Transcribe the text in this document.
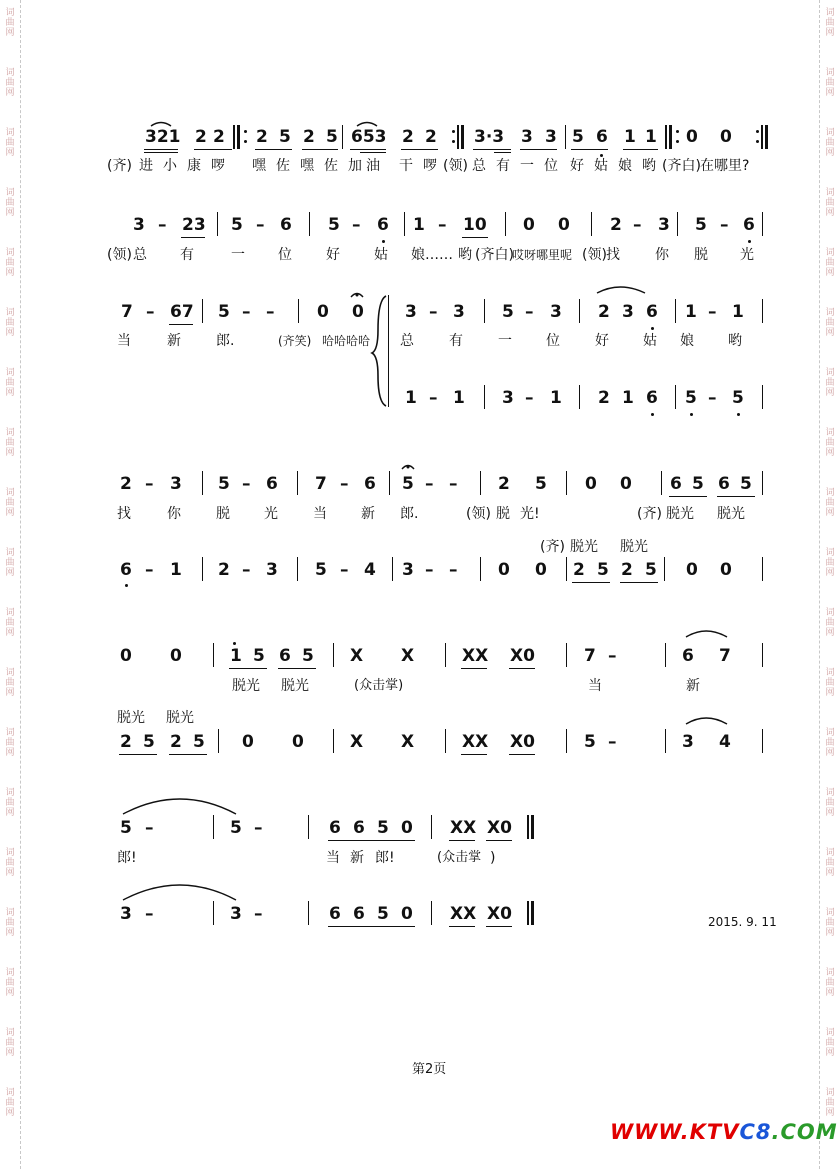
词
曲
网
词
曲
网
词
曲
网
词
曲
网
词
曲
网
词
曲
网
词
曲
网
词
曲
网
词
曲
网
词
曲
网
词
曲
网
词
曲
网
词
曲
网
词
曲
网
词
曲
网
词
曲
网
词
曲
网
词
曲
网
词
曲
网
词
曲
网
词
曲
网
词
曲
网
词
曲
网
词
曲
网
词
曲
网
词
曲
网
词
曲
网
词
曲
网
词
曲
网
词
曲
网
词
曲
网
词
曲
网
词
曲
网
词
曲
网
词
曲
网
词
曲
网
词
曲
网
词
曲
网
321 2 2 2 5 2 5 653 2 2 3·3 3 3 5 6 1 1 0 0
(齐) 进 小 康 啰 嘿 佐 嘿 佐 加 油 干 啰 (领) 总 有 一 位 好 姑 娘 哟 (齐白) 在哪里?
3 – 23 5 – 6 5 – 6 1 – 10 0 0 2 – 3 5 – 6
(领) 总 有	一 位 好 姑 娘…… 哟 (齐白)
哎呀哪里呢 (领) 找	你 脱 光
7 – 67 5 – –	0 0 3 – 3 5 – 3 2 3 6 1 – 1
当	新	郎.	(齐笑) 哈哈哈哈 总	有	一 位	好 姑 娘 哟
1 – 1 3 – 1 2 1 6 5 – 5
2 – 3 5 – 6 7 – 6 5 – – 2 5 0 0 6 5 6 5
找	你	脱 光	当 新 郎.	(领) 脱 光!	(齐) 脱光 脱光
(齐) 脱光 脱光
6 – 1 2 – 3 5 – 4 3 – – 0 0 2 5 2 5 0 0
0 0	1 5 6 5 X X	XX X0	7 –	6 7
脱光 脱光	(众击掌)	当	新
脱光 脱光
2 5 2 5 0 0	X X	XX X0	5 –	3 4
5 –	5 –	6 6 5 0 XX X0
郎!	当 新 郎!	(众击掌 )
3 –	3 –	6 6 5 0 XX X0	2015. 9. 11
第2页
WWW.KTVC8.COM
